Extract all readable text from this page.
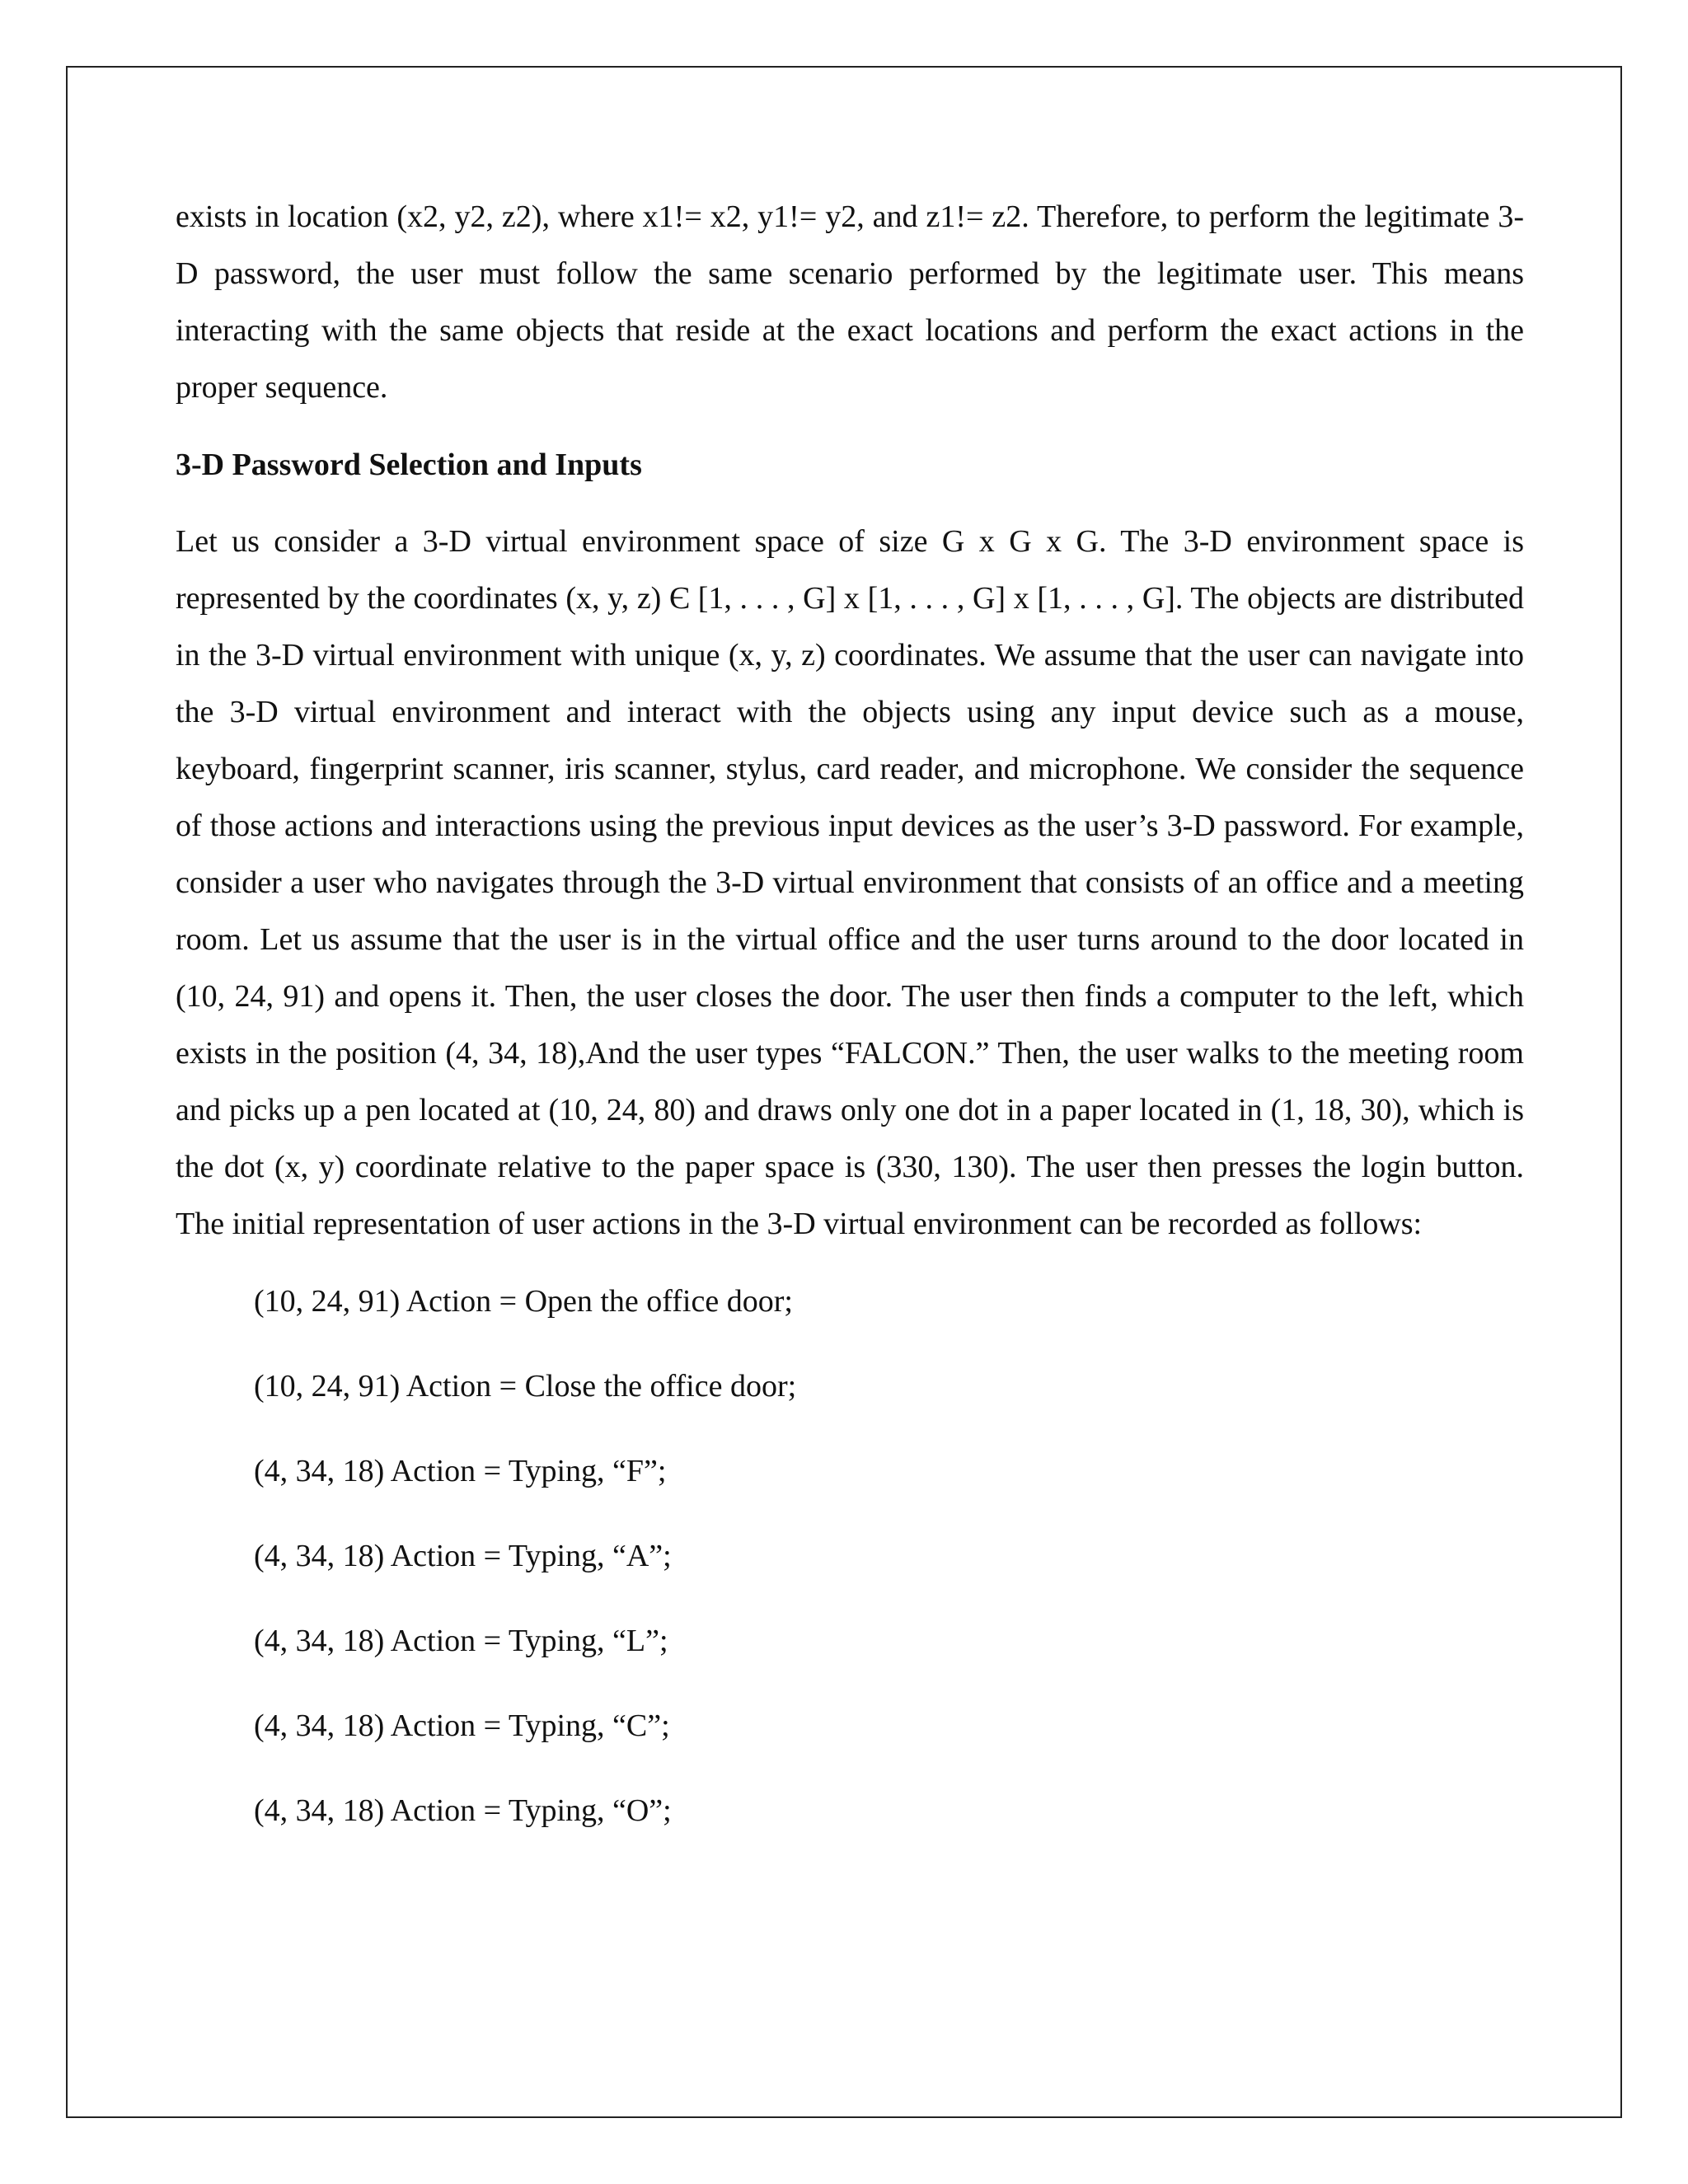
exists in location (x2, y2, z2), where x1!= x2, y1!= y2, and z1!= z2. Therefore, to perform the legitimate 3-D password, the user must follow the same scenario performed by the legitimate user. This means interacting with the same objects that reside at the exact locations and perform the exact actions in the proper sequence.

3-D Password Selection and Inputs

Let us consider a 3-D virtual environment space of size G x G x G. The 3-D environment space is represented by the coordinates (x, y, z) Є [1, . . . , G] x [1, . . . , G] x [1, . . . , G]. The objects are distributed in the 3-D virtual environment with unique (x, y, z) coordinates. We assume that the user can navigate into the 3-D virtual environment and interact with the objects using any input device such as a mouse, keyboard, fingerprint scanner, iris scanner, stylus, card reader, and microphone. We consider the sequence of those actions and interactions using the previous input devices as the user’s 3-D password. For example, consider a user who navigates through the 3-D virtual environment that consists of an office and a meeting room. Let us assume that the user is in the virtual office and the user turns around to the door located in (10, 24, 91) and opens it. Then, the user closes the door. The user then finds a computer to the left, which exists in the position (4, 34, 18),And the user types “FALCON.” Then, the user walks to the meeting room and picks up a pen located at (10, 24, 80) and draws only one dot in a paper located in (1, 18, 30), which is the dot (x, y) coordinate relative to the paper space is (330, 130). The user then presses the login button. The initial representation of user actions in the 3-D virtual environment can be recorded as follows:

(10, 24, 91) Action = Open the office door;
(10, 24, 91) Action = Close the office door;
(4, 34, 18) Action = Typing, “F”;
(4, 34, 18) Action = Typing, “A”;
(4, 34, 18) Action = Typing, “L”;
(4, 34, 18) Action = Typing, “C”;
(4, 34, 18) Action = Typing, “O”;
